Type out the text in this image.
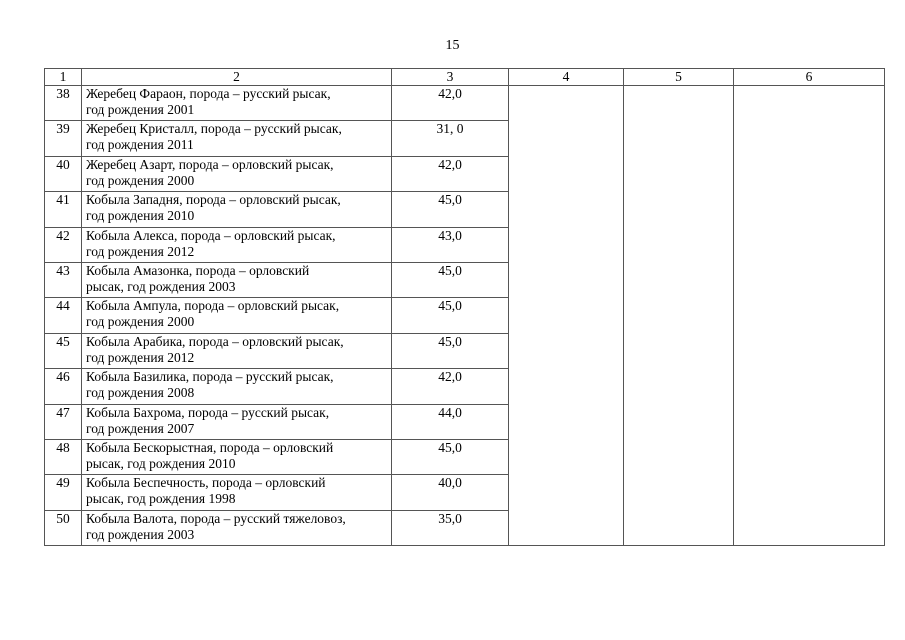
15
1	2	3	4	5	6
38	Жеребец Фараон, порода – русский рысак,
год рождения 2001	42,0			
39	Жеребец Кристалл, порода – русский рысак,
год рождения 2011	31, 0			
40	Жеребец Азарт, порода – орловский рысак,
год рождения 2000	42,0			
41	Кобыла Западня, порода – орловский рысак,
год рождения 2010	45,0			
42	Кобыла Алекса, порода – орловский рысак,
год рождения 2012	43,0			
43	Кобыла Амазонка, порода – орловский
рысак, год рождения 2003	45,0			
44	Кобыла Ампула, порода – орловский рысак,
год рождения 2000	45,0			
45	Кобыла Арабика, порода – орловский рысак,
год рождения 2012	45,0			
46	Кобыла Базилика, порода – русский рысак,
год рождения 2008	42,0			
47	Кобыла Бахрома, порода – русский рысак,
год рождения 2007	44,0			
48	Кобыла Бескорыстная, порода – орловский
рысак, год рождения 2010	45,0			
49	Кобыла Беспечность, порода – орловский
рысак, год рождения 1998	40,0			
50	Кобыла Валота, порода – русский тяжеловоз,
год рождения 2003	35,0			
